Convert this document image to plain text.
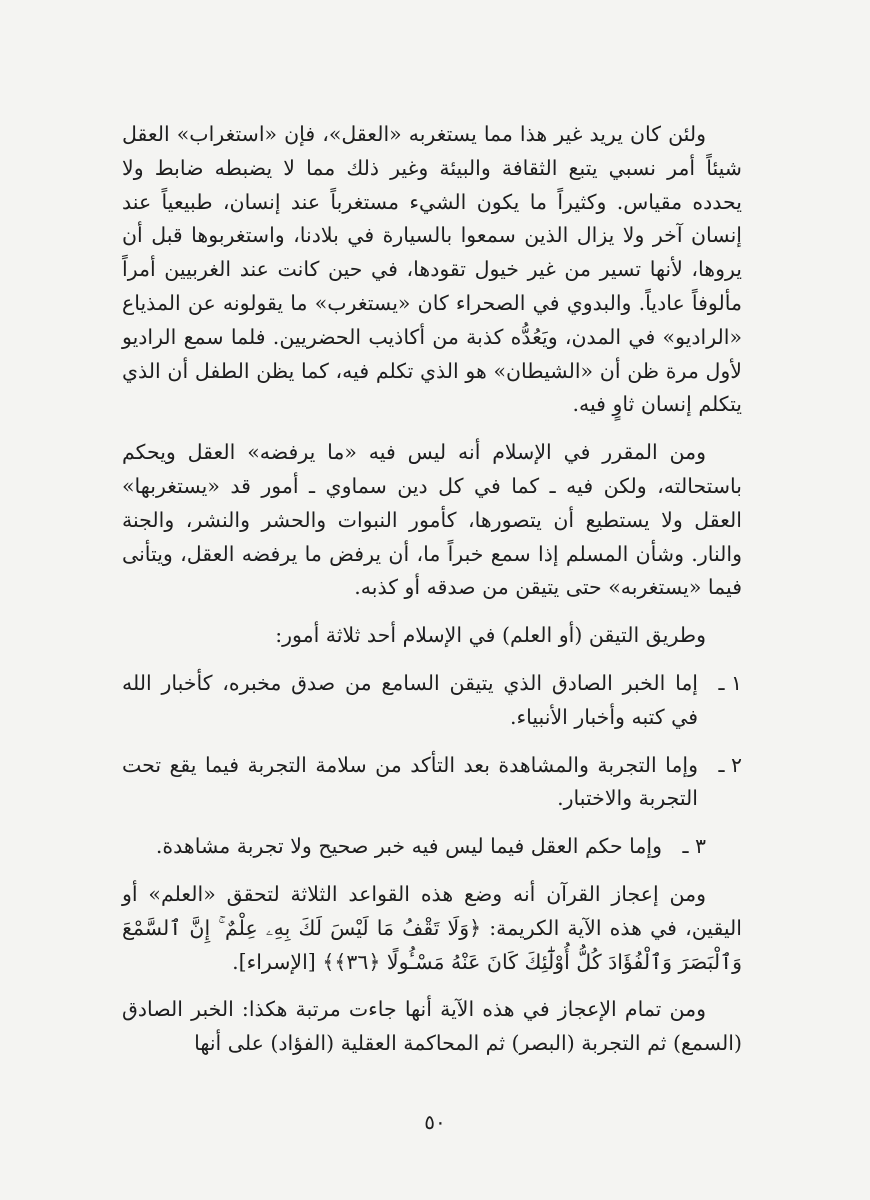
ولئن كان يريد غير هذا مما يستغربه «العقل»، فإن «استغراب» العقل شيئاً أمر نسبي يتبع الثقافة والبيئة وغير ذلك مما لا يضبطه ضابط ولا يحدده مقياس. وكثيراً ما يكون الشيء مستغرباً عند إنسان، طبيعياً عند إنسان آخر ولا يزال الذين سمعوا بالسيارة في بلادنا، واستغربوها قبل أن يروها، لأنها تسير من غير خيول تقودها، في حين كانت عند الغربيين أمراً مألوفاً عادياً. والبدوي في الصحراء كان «يستغرب» ما يقولونه عن المذياع «الراديو» في المدن، ويَعُدُّه كذبة من أكاذيب الحضريين. فلما سمع الراديو لأول مرة ظن أن «الشيطان» هو الذي تكلم فيه، كما يظن الطفل أن الذي يتكلم إنسان ثاوٍ فيه.

ومن المقرر في الإسلام أنه ليس فيه «ما يرفضه» العقل ويحكم باستحالته، ولكن فيه ـ كما في كل دين سماوي ـ أمور قد «يستغربها» العقل ولا يستطيع أن يتصورها، كأمور النبوات والحشر والنشر، والجنة والنار. وشأن المسلم إذا سمع خبراً ما، أن يرفض ما يرفضه العقل، ويتأنى فيما «يستغربه» حتى يتيقن من صدقه أو كذبه.

وطريق التيقن (أو العلم) في الإسلام أحد ثلاثة أمور:

١ ـ
إما الخبر الصادق الذي يتيقن السامع من صدق مخبره، كأخبار الله في كتبه وأخبار الأنبياء.
٢ ـ
وإما التجربة والمشاهدة بعد التأكد من سلامة التجربة فيما يقع تحت التجربة والاختبار.
٣ ـ
وإما حكم العقل فيما ليس فيه خبر صحيح ولا تجربة مشاهدة.

ومن إعجاز القرآن أنه وضع هذه القواعد الثلاثة لتحقق «العلم» أو اليقين، في هذه الآية الكريمة: ﴿وَلَا تَقْفُ مَا لَيْسَ لَكَ بِهِۦ عِلْمٌ ۚ إِنَّ ٱلسَّمْعَ وَٱلْبَصَرَ وَٱلْفُؤَادَ كُلُّ أُوْلَٰٓئِكَ كَانَ عَنْهُ مَسْـُٔولًا ﴿٣٦﴾﴾ [الإسراء].

ومن تمام الإعجاز في هذه الآية أنها جاءت مرتبة هكذا: الخبر الصادق (السمع) ثم التجربة (البصر) ثم المحاكمة العقلية (الفؤاد) على أنها

٥٠
